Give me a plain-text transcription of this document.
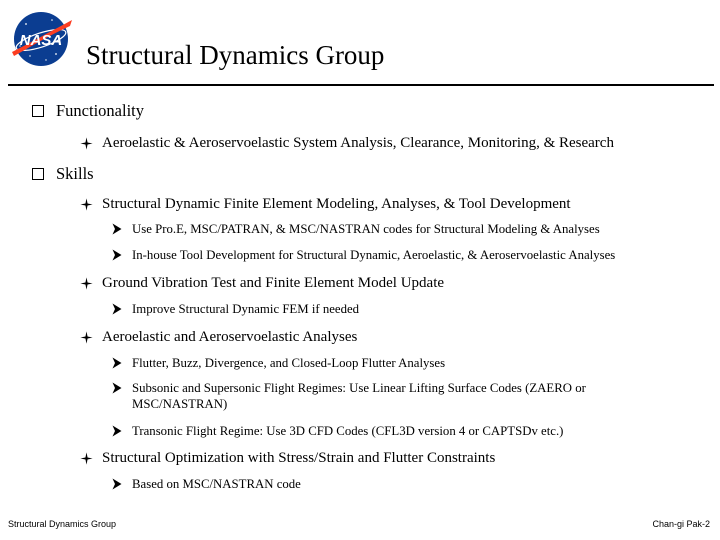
NASA Structural Dynamics Group
Functionality
Aeroelastic & Aeroservoelastic System Analysis, Clearance, Monitoring, & Research
Skills
Structural Dynamic Finite Element Modeling, Analyses, & Tool Development
Use Pro.E, MSC/PATRAN, & MSC/NASTRAN codes for Structural Modeling & Analyses
In-house Tool Development for Structural Dynamic, Aeroelastic, & Aeroservoelastic Analyses
Ground Vibration Test and Finite Element Model Update
Improve Structural Dynamic FEM if needed
Aeroelastic and Aeroservoelastic Analyses
Flutter, Buzz, Divergence, and Closed-Loop Flutter Analyses
Subsonic and Supersonic Flight Regimes: Use Linear Lifting Surface Codes (ZAERO or MSC/NASTRAN)
Transonic Flight Regime: Use 3D CFD Codes (CFL3D version 4 or CAPTSDv etc.)
Structural Optimization with Stress/Strain and Flutter Constraints
Based on MSC/NASTRAN code
Structural Dynamics Group	Chan-gi Pak-2
